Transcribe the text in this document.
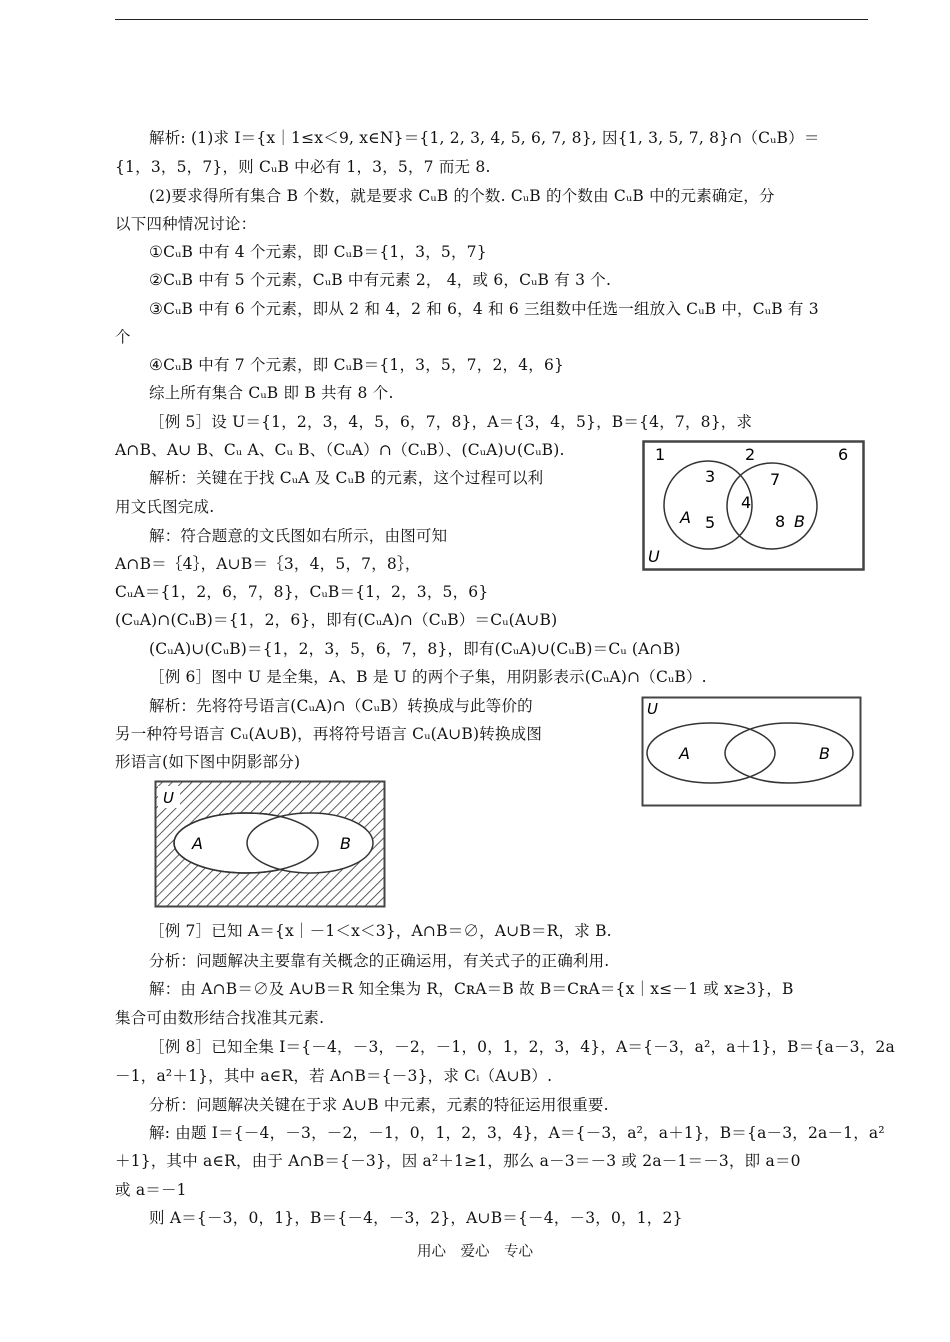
解析: (1)求 I＝{x｜1≤x＜9, x∈N}＝{1, 2, 3, 4, 5, 6, 7, 8}, 因{1, 3, 5, 7, 8}∩（CᵤB）＝
{1，3，5，7}，则 CᵤB 中必有 1，3，5，7 而无 8.
(2)要求得所有集合 B 个数，就是要求 CᵤB 的个数. CᵤB 的个数由 CᵤB 中的元素确定，分
以下四种情况讨论：
①CᵤB 中有 4 个元素，即 CᵤB＝{1，3，5，7}
②CᵤB 中有 5 个元素，CᵤB 中有元素 2， 4，或 6，CᵤB 有 3 个.
③CᵤB 中有 6 个元素，即从 2 和 4，2 和 6，4 和 6 三组数中任选一组放入 CᵤB 中，CᵤB 有 3
个
④CᵤB 中有 7 个元素，即 CᵤB＝{1，3，5，7，2，4，6}
综上所有集合 CᵤB 即 B 共有 8 个.
［例 5］设 U＝{1，2，3，4，5，6，7，8}，A＝{3，4，5}，B＝{4，7，8}，求
A∩B、A∪ B、Cᵤ A、Cᵤ B、（CᵤA）∩（CᵤB）、(CᵤA)∪(CᵤB).
解析：关键在于找 CᵤA 及 CᵤB 的元素，这个过程可以利
用文氏图完成.
解：符合题意的文氏图如右所示，由图可知
A∩B＝｛4｝，A∪B＝｛3，4，5，7，8｝，
CᵤA＝{1，2，6，7，8}，CᵤB＝{1，2，3，5，6}
(CᵤA)∩(CᵤB)＝{1，2，6}，即有(CᵤA)∩（CᵤB）＝Cᵤ(A∪B)
(CᵤA)∪(CᵤB)＝{1，2，3，5，6，7，8}，即有(CᵤA)∪(CᵤB)＝Cᵤ (A∩B)
［例 6］图中 U 是全集，A、B 是 U 的两个子集，用阴影表示(CᵤA)∩（CᵤB）.
解析：先将符号语言(CᵤA)∩（CᵤB）转换成与此等价的
另一种符号语言 Cᵤ(A∪B)，再将符号语言 Cᵤ(A∪B)转换成图
形语言(如下图中阴影部分)
［例 7］已知 A＝{x｜－1＜x＜3}，A∩B＝∅，A∪B＝R，求 B.
分析：问题解决主要靠有关概念的正确运用，有关式子的正确利用.
解：由 A∩B＝∅及 A∪B＝R 知全集为 R，CʀA＝B 故 B＝CʀA＝{x｜x≤－1 或 x≥3}，B
集合可由数形结合找准其元素.
［例 8］已知全集 I＝{－4，－3，－2，－1，0，1，2，3，4}，A＝{－3，a²，a＋1}，B＝{a－3，2a
－1，a²＋1}，其中 a∈R，若 A∩B＝{－3}，求 Cᵢ（A∪B）.
分析：问题解决关键在于求 A∪B 中元素，元素的特征运用很重要.
解: 由题 I＝{－4，－3，－2，－1，0，1，2，3，4}，A＝{－3，a²，a＋1}，B＝{a－3，2a－1，a²
＋1}，其中 a∈R，由于 A∩B＝{－3}，因 a²＋1≥1，那么 a－3＝－3 或 2a－1＝－3，即 a＝0
或 a＝－1
则 A＝{－3，0，1}，B＝{－4，－3，2}，A∪B＝{－4，－3，0，1，2}
1	2	6
3
5
4
7
8
A	B
U
U
A	B
U
A	B
用心　爱心　专心
